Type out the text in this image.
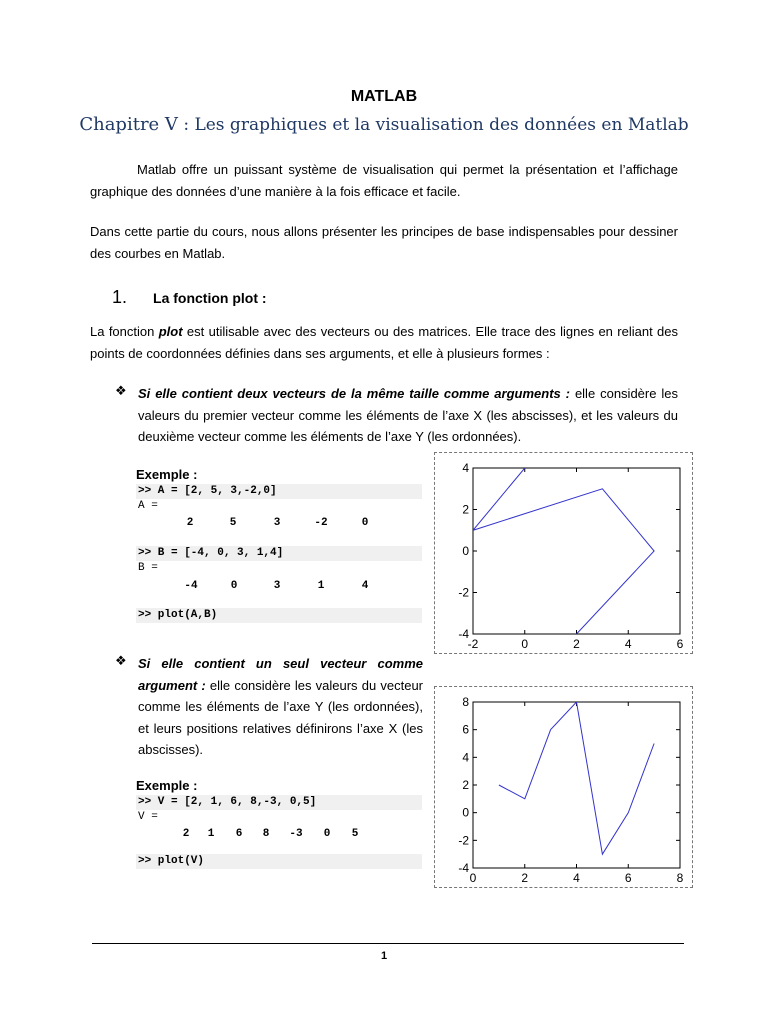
MATLAB
Chapitre V : Les graphiques et la visualisation des données en Matlab
Matlab offre un puissant système de visualisation qui permet la présentation et l’affichage graphique des données d’une manière à la fois efficace et facile.
Dans cette partie du cours, nous allons présenter les principes de base indispensables pour dessiner des courbes en Matlab.
1. La fonction plot :
La fonction plot est utilisable avec des vecteurs ou des matrices. Elle trace des lignes en reliant des points de coordonnées définies dans ses arguments, et elle à plusieurs formes :
❖ Si elle contient deux vecteurs de la même taille comme arguments : elle considère les valeurs du premier vecteur comme les éléments de l’axe X (les abscisses), et les valeurs du deuxième vecteur comme les éléments de l’axe Y (les ordonnées).
Exemple :
>> A = [2, 5, 3,-2,0]
A =
2	5	3	-2	0
>> B = [-4, 0, 3, 1,4]
B =
-4	0	3	1	4
>> plot(A,B)
-2	0	2	4	6
4
2
0
-2
-4
❖ Si elle contient un seul vecteur comme argument : elle considère les valeurs du vecteur comme les éléments de l’axe Y (les ordonnées), et leurs positions relatives définirons l’axe X (les abscisses).
Exemple :
>> V = [2, 1, 6, 8,-3, 0,5]
V =
2	1	6	8	-3	0	5
>> plot(V)
0	2	4	6	8
8
6
4
2
0
-2
-4
1
